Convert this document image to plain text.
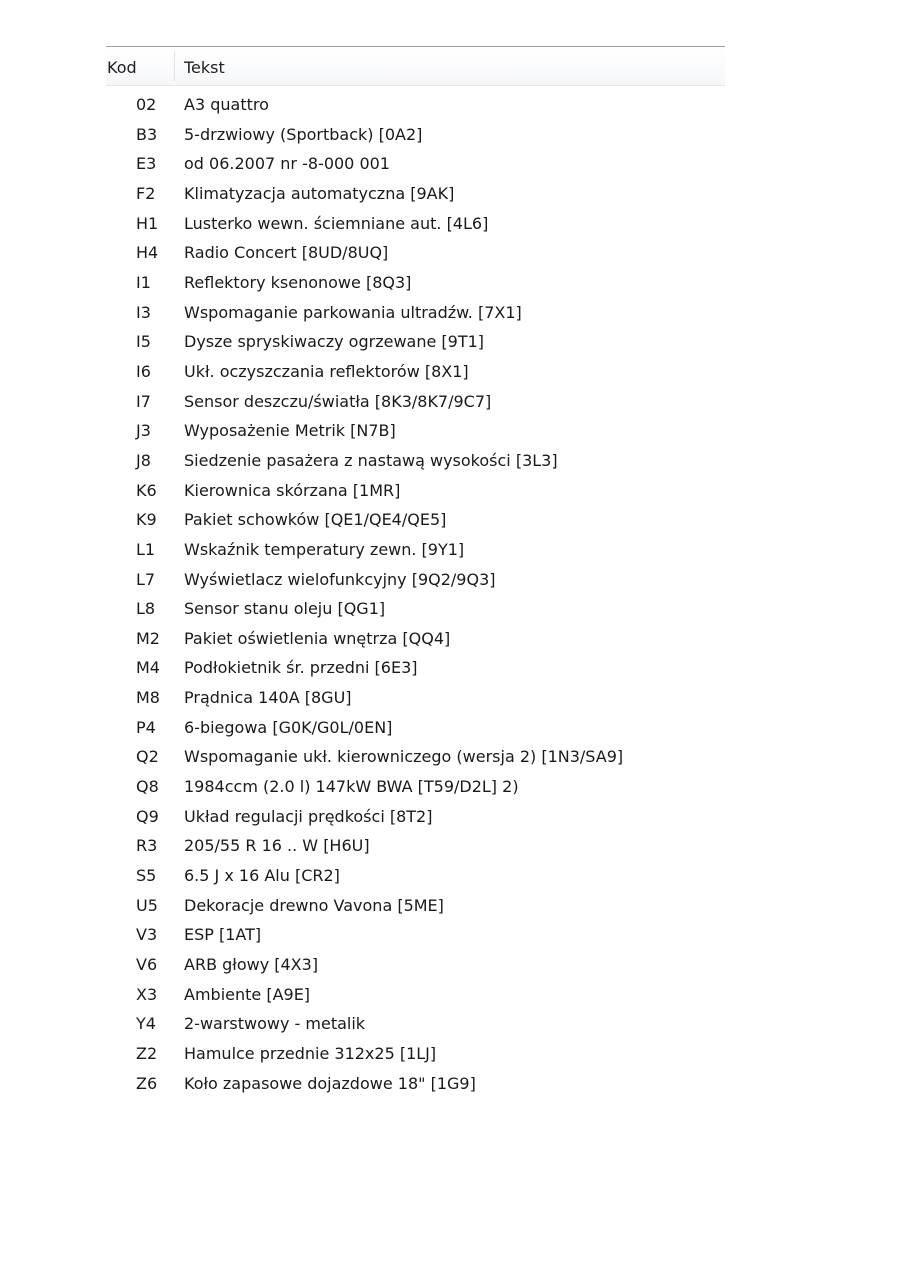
Kod	Tekst
02 A3 quattro
B3 5-drzwiowy (Sportback) [0A2]
E3 od 06.2007 nr -8-000 001
F2 Klimatyzacja automatyczna [9AK]
H1 Lusterko wewn. ściemniane aut. [4L6]
H4 Radio Concert [8UD/8UQ]
I1 Reflektory ksenonowe [8Q3]
I3 Wspomaganie parkowania ultradźw. [7X1]
I5 Dysze spryskiwaczy ogrzewane [9T1]
I6 Ukł. oczyszczania reflektorów [8X1]
I7 Sensor deszczu/światła [8K3/8K7/9C7]
J3 Wyposażenie Metrik [N7B]
J8 Siedzenie pasażera z nastawą wysokości [3L3]
K6 Kierownica skórzana [1MR]
K9 Pakiet schowków [QE1/QE4/QE5]
L1 Wskaźnik temperatury zewn. [9Y1]
L7 Wyświetlacz wielofunkcyjny [9Q2/9Q3]
L8 Sensor stanu oleju [QG1]
M2 Pakiet oświetlenia wnętrza [QQ4]
M4 Podłokietnik śr. przedni [6E3]
M8 Prądnica 140A [8GU]
P4 6-biegowa [G0K/G0L/0EN]
Q2 Wspomaganie ukł. kierowniczego (wersja 2) [1N3/SA9]
Q8 1984ccm (2.0 l) 147kW BWA [T59/D2L] 2)
Q9 Układ regulacji prędkości [8T2]
R3 205/55 R 16 .. W [H6U]
S5 6.5 J x 16 Alu [CR2]
U5 Dekoracje drewno Vavona [5ME]
V3 ESP [1AT]
V6 ARB głowy [4X3]
X3 Ambiente [A9E]
Y4 2-warstwowy - metalik
Z2 Hamulce przednie 312x25 [1LJ]
Z6 Koło zapasowe dojazdowe 18" [1G9]
